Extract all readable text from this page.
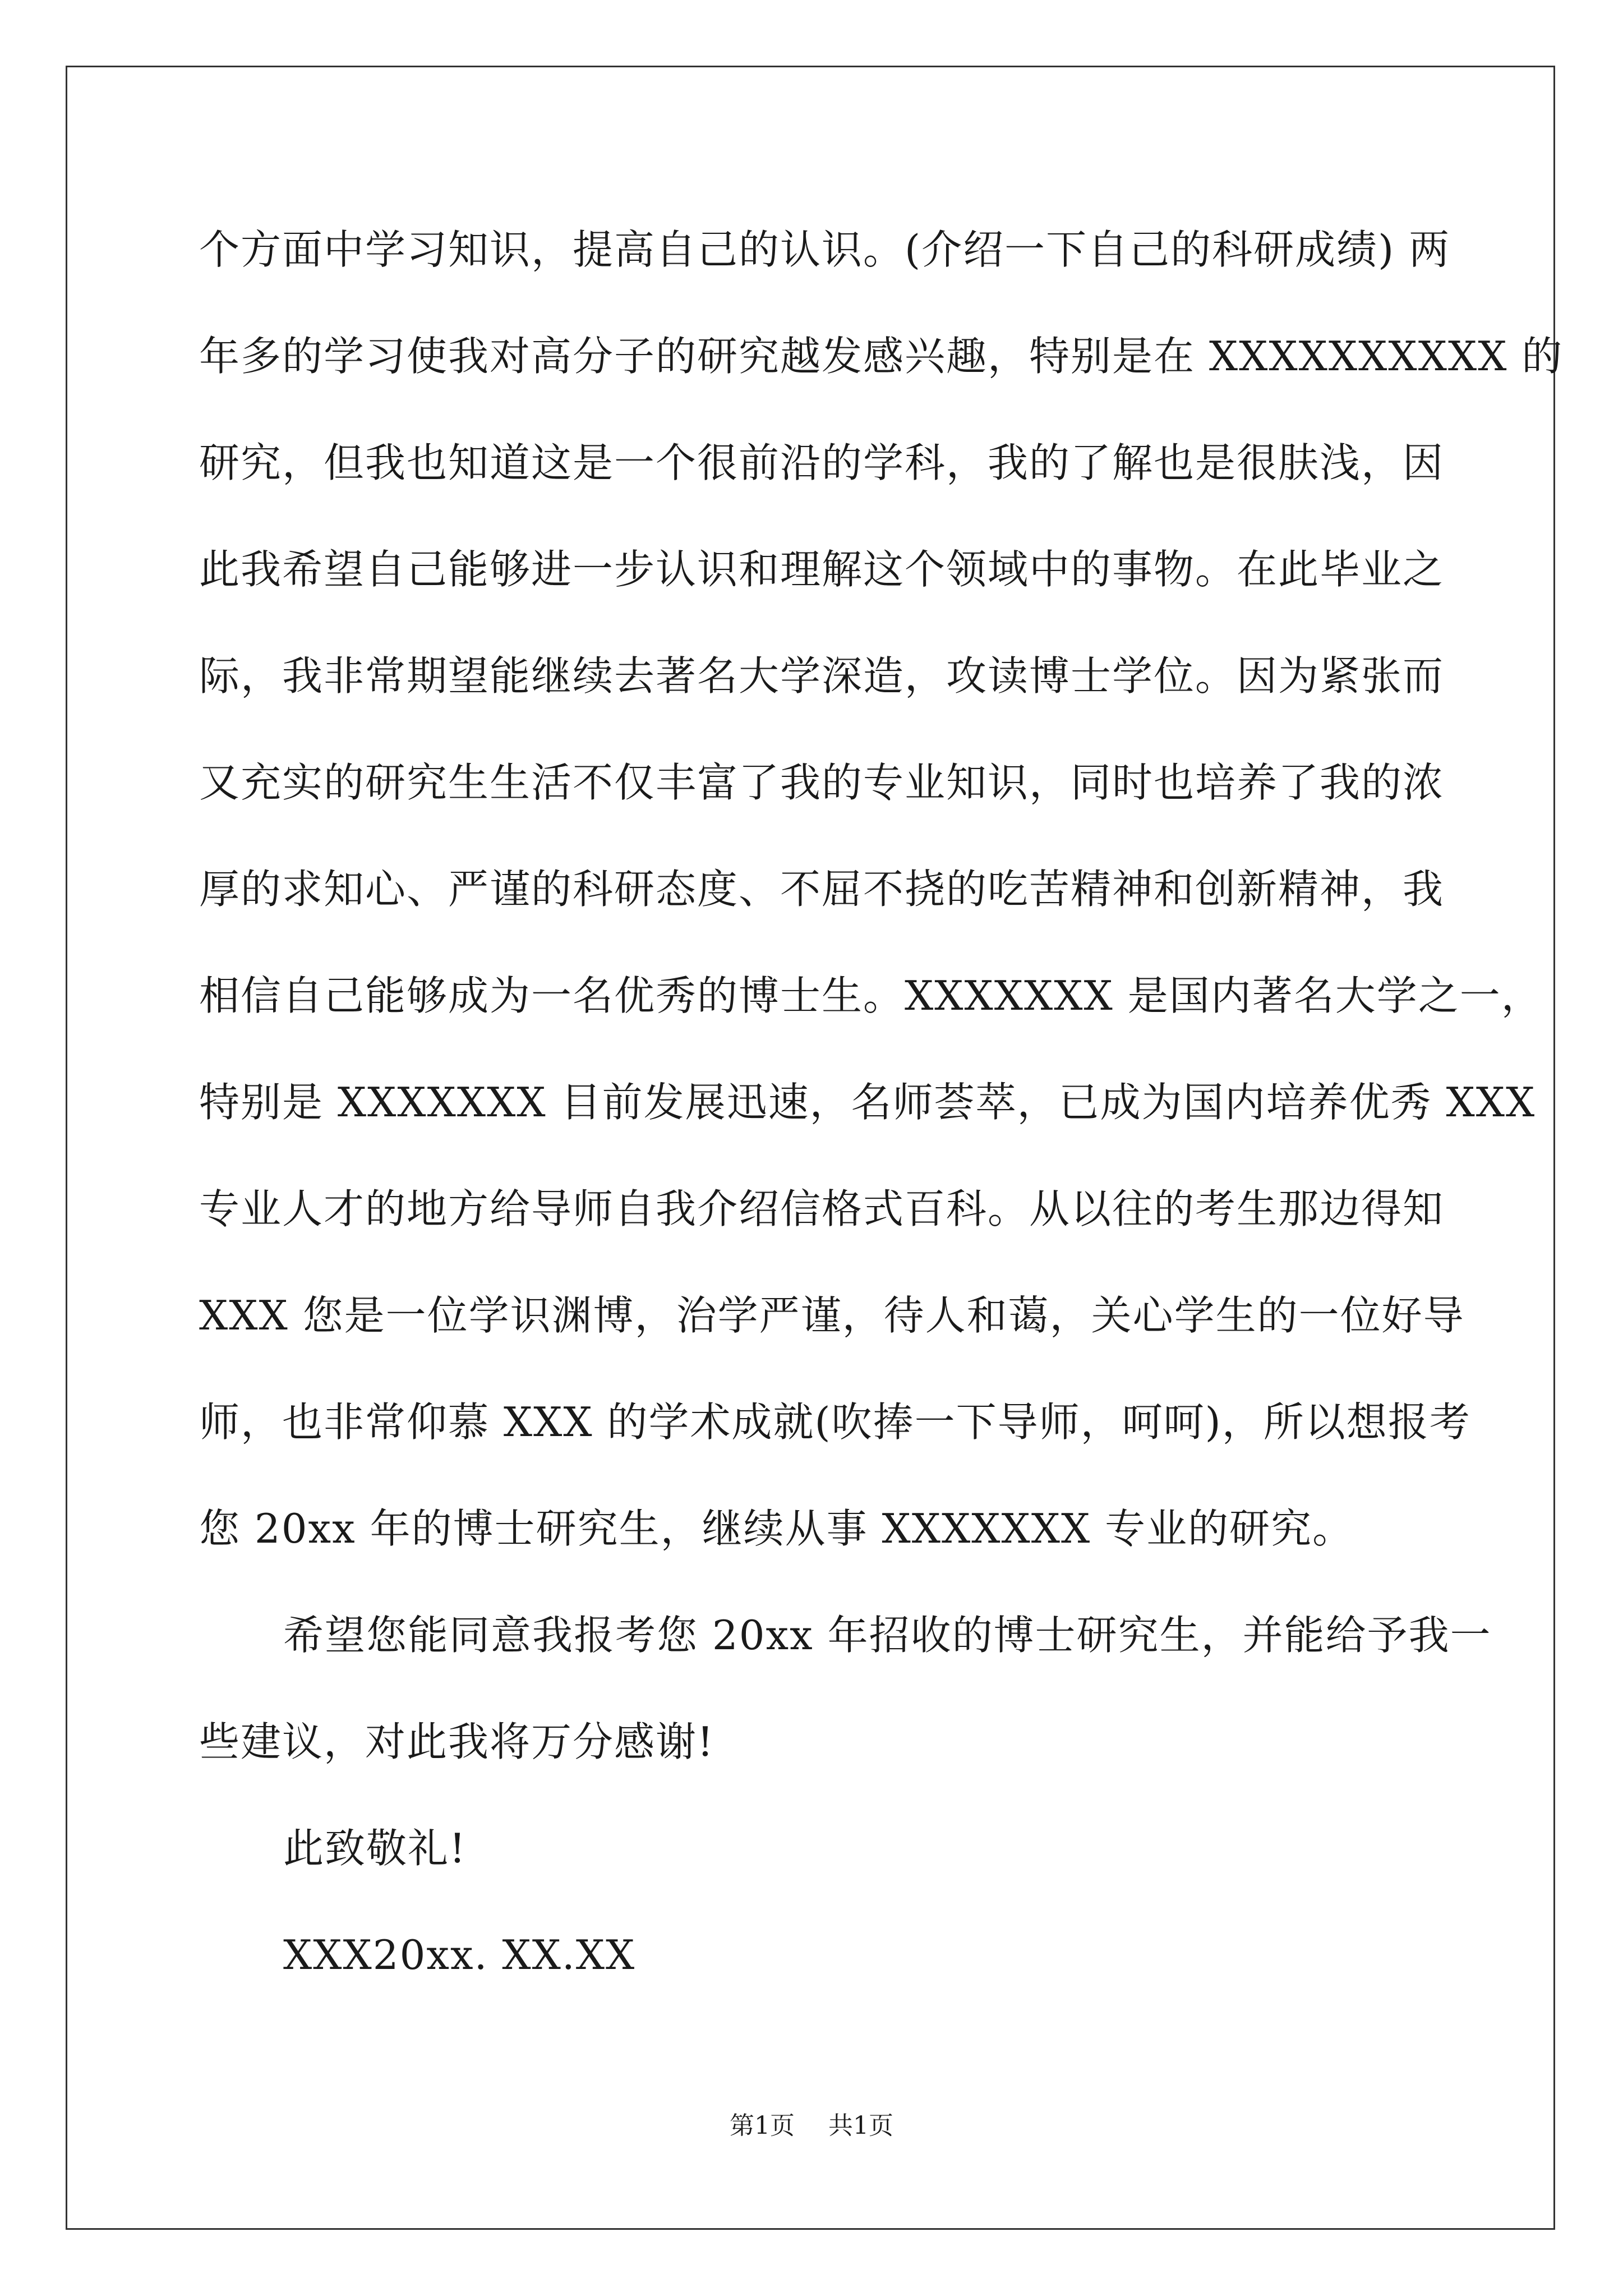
个方面中学习知识，提高自己的认识。(介绍一下自己的科研成绩) 两
年多的学习使我对高分子的研究越发感兴趣，特别是在 XXXXXXXXXX 的
研究，但我也知道这是一个很前沿的学科，我的了解也是很肤浅，因
此我希望自己能够进一步认识和理解这个领域中的事物。在此毕业之
际，我非常期望能继续去著名大学深造，攻读博士学位。因为紧张而
又充实的研究生生活不仅丰富了我的专业知识，同时也培养了我的浓
厚的求知心、严谨的科研态度、不屈不挠的吃苦精神和创新精神，我
相信自己能够成为一名优秀的博士生。XXXXXXX 是国内著名大学之一，
特别是 XXXXXXX 目前发展迅速，名师荟萃，已成为国内培养优秀 XXX
专业人才的地方给导师自我介绍信格式百科。从以往的考生那边得知
XXX 您是一位学识渊博，治学严谨，待人和蔼，关心学生的一位好导
师，也非常仰慕 XXX 的学术成就(吹捧一下导师，呵呵)，所以想报考
您 20xx 年的博士研究生，继续从事 XXXXXXX 专业的研究。
希望您能同意我报考您 20xx 年招收的博士研究生，并能给予我一
些建议，对此我将万分感谢!
此致敬礼!
XXX20xx. XX.XX
第1页 共1页
